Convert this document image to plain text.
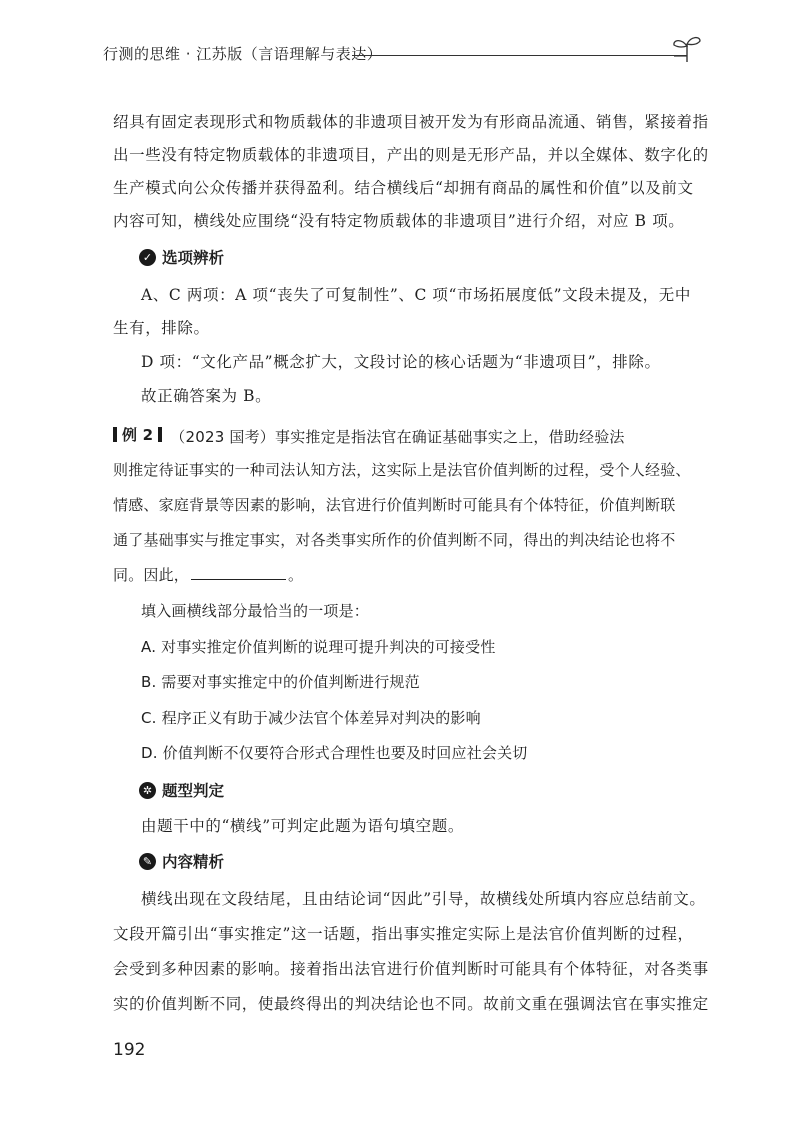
行测的思维 · 江苏版（言语理解与表达）
绍具有固定表现形式和物质载体的非遗项目被开发为有形商品流通、销售，紧接着指
出一些没有特定物质载体的非遗项目，产出的则是无形产品，并以全媒体、数字化的
生产模式向公众传播并获得盈利。结合横线后“却拥有商品的属性和价值”以及前文
内容可知，横线处应围绕“没有特定物质载体的非遗项目”进行介绍，对应 B 项。
✓ 选项辨析
A、C 两项：A 项“丧失了可复制性”、C 项“市场拓展度低”文段未提及，无中
生有，排除。
D 项：“文化产品”概念扩大，文段讨论的核心话题为“非遗项目”，排除。
故正确答案为 B。
例 2 （2023 国考）事实推定是指法官在确证基础事实之上，借助经验法
则推定待证事实的一种司法认知方法，这实际上是法官价值判断的过程，受个人经验、
情感、家庭背景等因素的影响，法官进行价值判断时可能具有个体特征，价值判断联
通了基础事实与推定事实，对各类事实所作的价值判断不同，得出的判决结论也将不
同。因此，	。
填入画横线部分最恰当的一项是：
A. 对事实推定价值判断的说理可提升判决的可接受性
B. 需要对事实推定中的价值判断进行规范
C. 程序正义有助于减少法官个体差异对判决的影响
D. 价值判断不仅要符合形式合理性也要及时回应社会关切
✲ 题型判定
由题干中的“横线”可判定此题为语句填空题。
✎ 内容精析
横线出现在文段结尾，且由结论词“因此”引导，故横线处所填内容应总结前文。
文段开篇引出“事实推定”这一话题，指出事实推定实际上是法官价值判断的过程，
会受到多种因素的影响。接着指出法官进行价值判断时可能具有个体特征，对各类事
实的价值判断不同，使最终得出的判决结论也不同。故前文重在强调法官在事实推定
192
